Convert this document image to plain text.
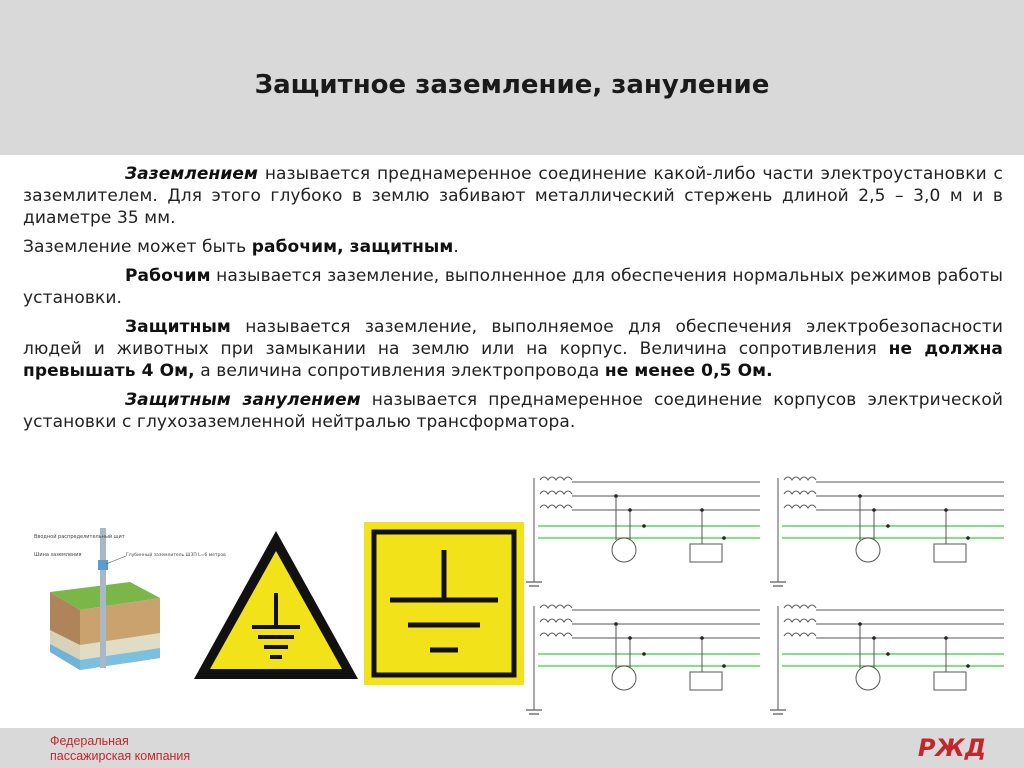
Защитное заземление, зануление

Заземлением называется преднамеренное соединение какой-либо части электроустановки с заземлителем. Для этого глубоко в землю забивают металлический стержень длиной 2,5 – 3,0 м и в диаметре 35 мм.

Заземление может быть рабочим, защитным.

Рабочим называется заземление, выполненное для обеспечения нормальных режимов работы установки.

Защитным называется заземление, выполняемое для обеспечения электробезопасности людей и животных при замыкании на землю или на корпус. Величина сопротивления не должна превышать 4 Ом, а величина сопротивления электропровода не менее 0,5 Ом.

Защитным занулением называется преднамеренное соединение корпусов электрической установки с глухозаземленной нейтралью трансформатора.

Вводной распределительный щит
Шина заземления	Глубинный заземлитель ШЗП L=6 метров
Федеральная
пассажирская компания	РЖД
